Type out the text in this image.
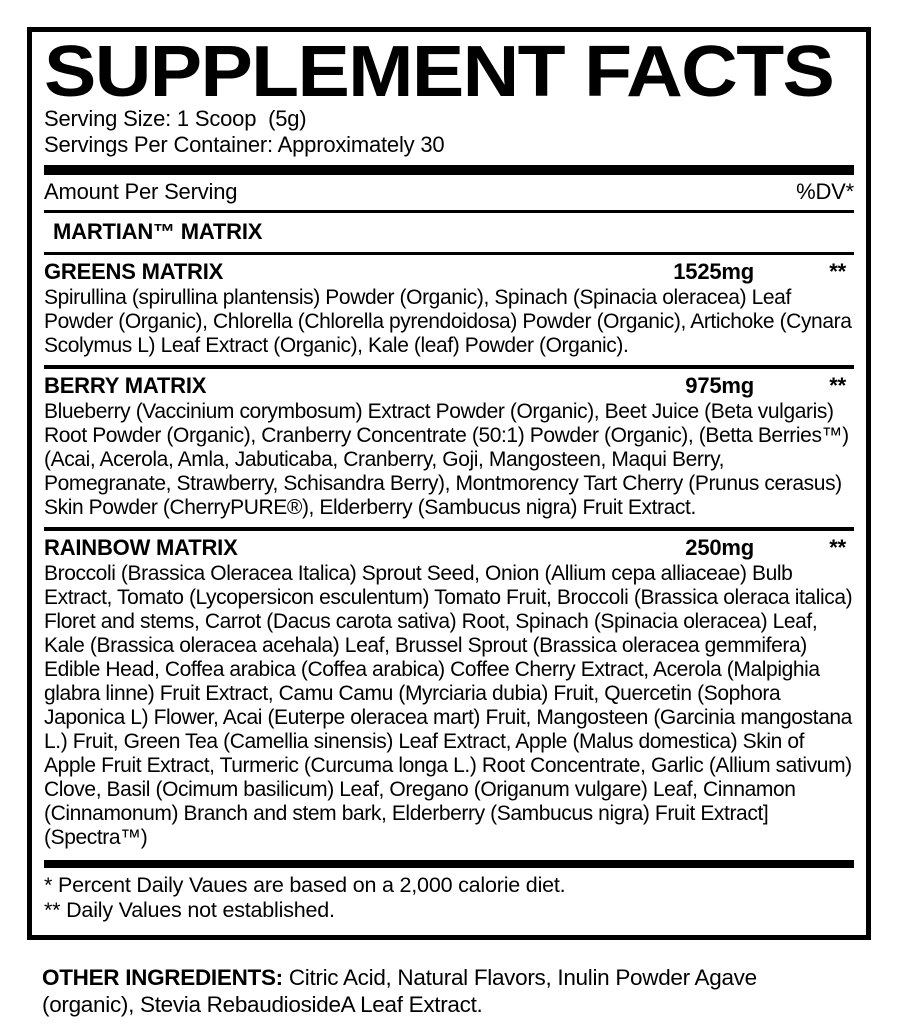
SUPPLEMENT FACTS
Serving Size: 1 Scoop  (5g)
Servings Per Container: Approximately 30
Amount Per Serving	%DV*
MARTIAN™ MATRIX
GREENS MATRIX	1525mg	**
Spirullina (spirullina plantensis) Powder (Organic), Spinach (Spinacia oleracea) Leaf Powder (Organic), Chlorella (Chlorella pyrendoidosa) Powder (Organic), Artichoke (Cynara Scolymus L) Leaf Extract (Organic), Kale (leaf) Powder (Organic).
BERRY MATRIX	975mg	**
Blueberry (Vaccinium corymbosum) Extract Powder (Organic), Beet Juice (Beta vulgaris) Root Powder (Organic), Cranberry Concentrate (50:1) Powder (Organic), (Betta Berries™) (Acai, Acerola, Amla, Jabuticaba, Cranberry, Goji, Mangosteen, Maqui Berry, Pomegranate, Strawberry, Schisandra Berry), Montmorency Tart Cherry (Prunus cerasus) Skin Powder (CherryPURE®), Elderberry (Sambucus nigra) Fruit Extract.
RAINBOW MATRIX	250mg	**
Broccoli (Brassica Oleracea Italica) Sprout Seed, Onion (Allium cepa alliaceae) Bulb Extract, Tomato (Lycopersicon esculentum) Tomato Fruit, Broccoli (Brassica oleraca italica) Floret and stems, Carrot (Dacus carota sativa) Root, Spinach (Spinacia oleracea) Leaf, Kale (Brassica oleracea acehala) Leaf, Brussel Sprout (Brassica oleracea gemmifera) Edible Head, Coffea arabica (Coffea arabica) Coffee Cherry Extract, Acerola (Malpighia glabra linne) Fruit Extract, Camu Camu (Myrciaria dubia) Fruit, Quercetin (Sophora Japonica L) Flower, Acai (Euterpe oleracea mart) Fruit, Mangosteen (Garcinia mangostana L.) Fruit, Green Tea (Camellia sinensis) Leaf Extract, Apple (Malus domestica) Skin of Apple Fruit Extract, Turmeric (Curcuma longa L.) Root Concentrate, Garlic (Allium sativum) Clove, Basil (Ocimum basilicum) Leaf, Oregano (Origanum vulgare) Leaf, Cinnamon (Cinnamonum) Branch and stem bark, Elderberry (Sambucus nigra) Fruit Extract] (Spectra™)
* Percent Daily Vaues are based on a 2,000 calorie diet.
** Daily Values not established.
OTHER INGREDIENTS: Citric Acid, Natural Flavors, Inulin Powder Agave (organic), Stevia RebaudiosideA Leaf Extract.
